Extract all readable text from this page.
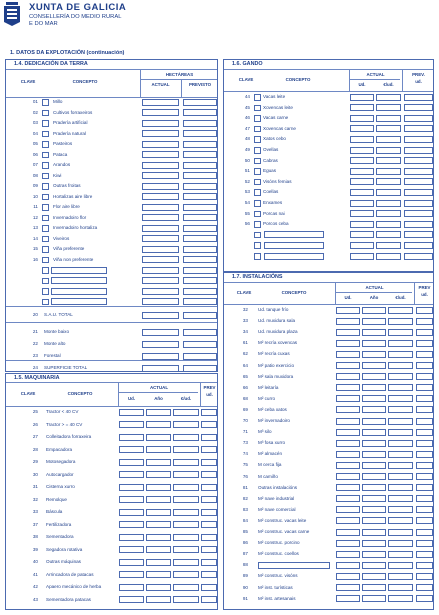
XUNTA DE GALICIA
CONSELLERÍA DO MEDIO RURAL
E DO MAR
1. DATOS DA EXPLOTACIÓN (continuación)
1.4. DEDICACIÓN DA TERRA
HECTÁREAS
CLAVE	CONCEPTO
ACTUAL	PREVISTO
01	Millo
02	Cultivos forraxeiros
03	Pradería artificial
04	Pradería natural
05	Pasteiros
06	Pataca
07	Arandos
08	Kiwi
09	Outras froitas
10	Hortalizas aire libre
11	Flor aire libre
12	Invernadoiro flor
13	Invernadoiro hortaliza
14	Viveiros
15	Viña preferente
16	Viña non preferente
20 S.A.U. TOTAL
21 Monte baixo
22 Monte alto
23 Forestal
24 SUPERFICIE TOTAL
1.5. MAQUINARIA
ACTUAL	PREV
CLAVE	CONCEPTO
Ud.	Año	€/ud.
ud.
25 Tractor < 40 CV
26 Tractor > = 40 CV
27 Colleitadora forraxeira
28 Empacadora
29 Motosegadora
30 Autocargador
31 Cisterna xurro
32 Remolque
33 Báscula
37 Fertilizadora
38 Sementadora
39 Segadora rotativa
40 Outras máquinas
41 Arrincadora de patacas
42 Apaero mecánico de herba
43 Sementadora patacas
1.6. GANDO
ACTUAL	PREV.
CLAVE	CONCEPTO
Ud.	€/ud.
ud.
44	Vacas leite
45	Xovencas leite
46	Vacas carne
47	Xovencas carne
48	Xatos cebo
49	Ovellas
50	Cabras
51	Eguas
52	Visóns femias
53	Coellas
54	Enxames
55	Porcas nai
56	Porcos ceba
1.7. INSTALACIÓNS
ACTUAL	PREV
CLAVE	CONCEPTO
Ud.	Año	€/ud.
ud.
32 Ud. tanque frío
33 Ud. muxidura sala
34 Ud. muxidura plaza
61 M² recría xovencas
62 M² recría cuxas
64 M² patio exercicio
65 M² sala muxidora
66 M² leitaría
68 M² curro
69 M² ceba xatos
70 M² invernadoiro
71 M³ silo
73 M³ fosa xurro
74 M² almacén
75 M cerca fija
76 M camiño
81 Outras instalacións
82 M² nave industrial
83 M² nave comercial
84 M² construc. vacas leite
85 M² construc. vacas carne
86 M² construc. porcino
87 M² construc. coellos
88
89 M² construc. visóns
90 M² inst. turísticas
91 M² inst. artesanais
